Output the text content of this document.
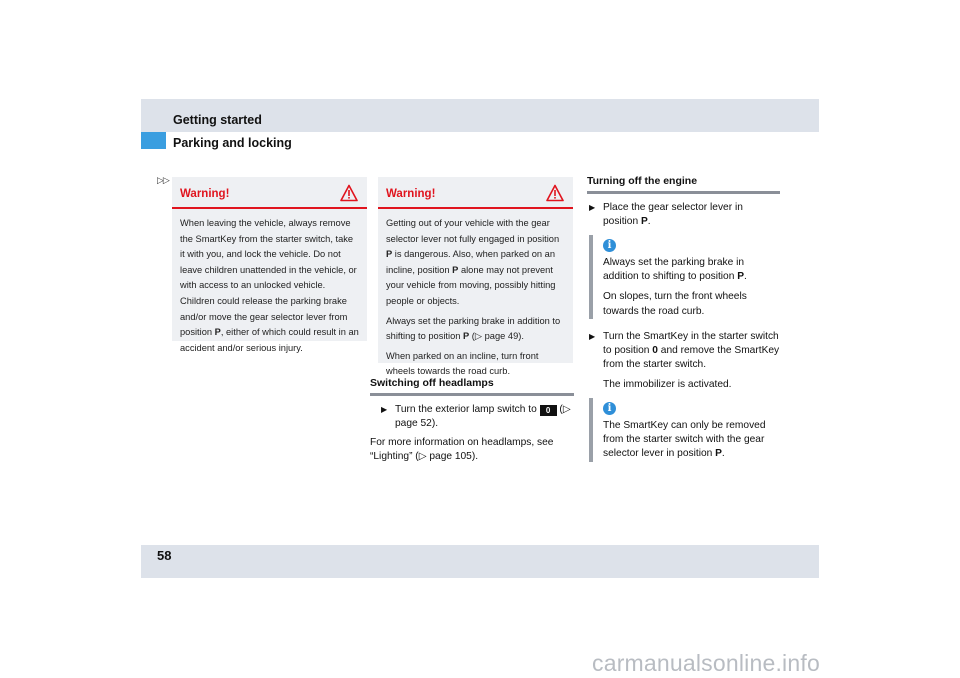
Getting started
Parking and locking
▷▷
Warning!

When leaving the vehicle, always remove the SmartKey from the starter switch, take it with you, and lock the vehicle. Do not leave children unattended in the vehicle, or with access to an unlocked vehicle. Children could release the parking brake and/or move the gear selector lever from position P, either of which could result in an accident and/or serious injury.

Warning!

Getting out of your vehicle with the gear selector lever not fully engaged in position P is dangerous. Also, when parked on an incline, position P alone may not prevent your vehicle from moving, possibly hitting people or objects.

Always set the parking brake in addition to shifting to position P (▷ page 49).

When parked on an incline, turn front wheels towards the road curb.

Switching off headlamps
▶ Turn the exterior lamp switch to 0 (▷ page 52).
For more information on headlamps, see “Lighting” (▷ page 105).
Turning off the engine
▶ Place the gear selector lever in position P.
i

Always set the parking brake in addition to shifting to position P.

On slopes, turn the front wheels towards the road curb.

▶ Turn the SmartKey in the starter switch to position 0 and remove the SmartKey from the starter switch.
The immobilizer is activated.
i

The SmartKey can only be removed from the starter switch with the gear selector lever in position P.

58
carmanualsonline.info
